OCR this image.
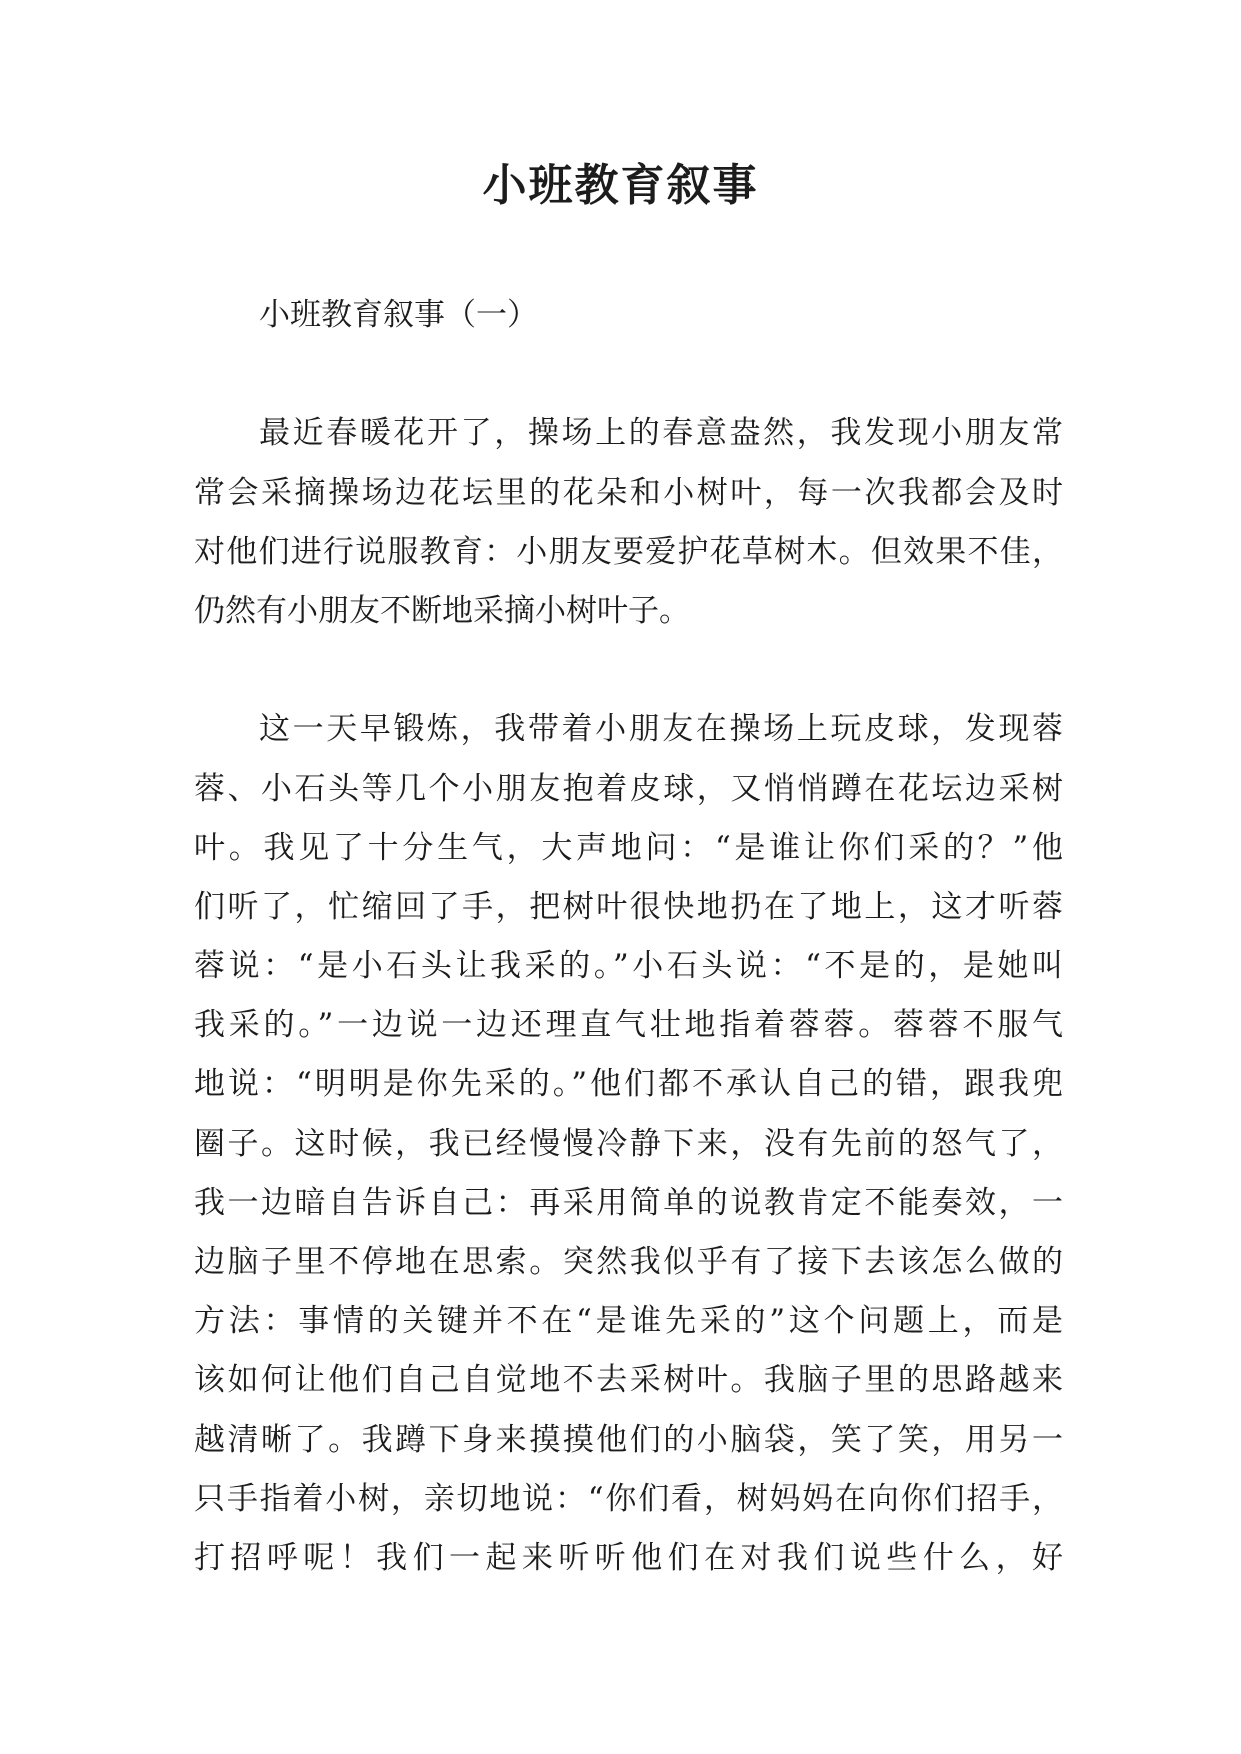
小班教育叙事
小班教育叙事（一）
最近春暖花开了，操场上的春意盎然，我发现小朋友常
常会采摘操场边花坛里的花朵和小树叶，每一次我都会及时
对他们进行说服教育：小朋友要爱护花草树木。但效果不佳，
仍然有小朋友不断地采摘小树叶子。
这一天早锻炼，我带着小朋友在操场上玩皮球，发现蓉
蓉、小石头等几个小朋友抱着皮球，又悄悄蹲在花坛边采树
叶。我见了十分生气，大声地问：“是谁让你们采的？”他
们听了，忙缩回了手，把树叶很快地扔在了地上，这才听蓉
蓉说：“是小石头让我采的。”小石头说：“不是的，是她叫
我采的。”一边说一边还理直气壮地指着蓉蓉。蓉蓉不服气
地说：“明明是你先采的。”他们都不承认自己的错，跟我兜
圈子。这时候，我已经慢慢冷静下来，没有先前的怒气了，
我一边暗自告诉自己：再采用简单的说教肯定不能奏效，一
边脑子里不停地在思索。突然我似乎有了接下去该怎么做的
方法：事情的关键并不在“是谁先采的”这个问题上，而是
该如何让他们自己自觉地不去采树叶。我脑子里的思路越来
越清晰了。我蹲下身来摸摸他们的小脑袋，笑了笑，用另一
只手指着小树，亲切地说：“你们看，树妈妈在向你们招手，
打招呼呢！我们一起来听听他们在对我们说些什么，好
